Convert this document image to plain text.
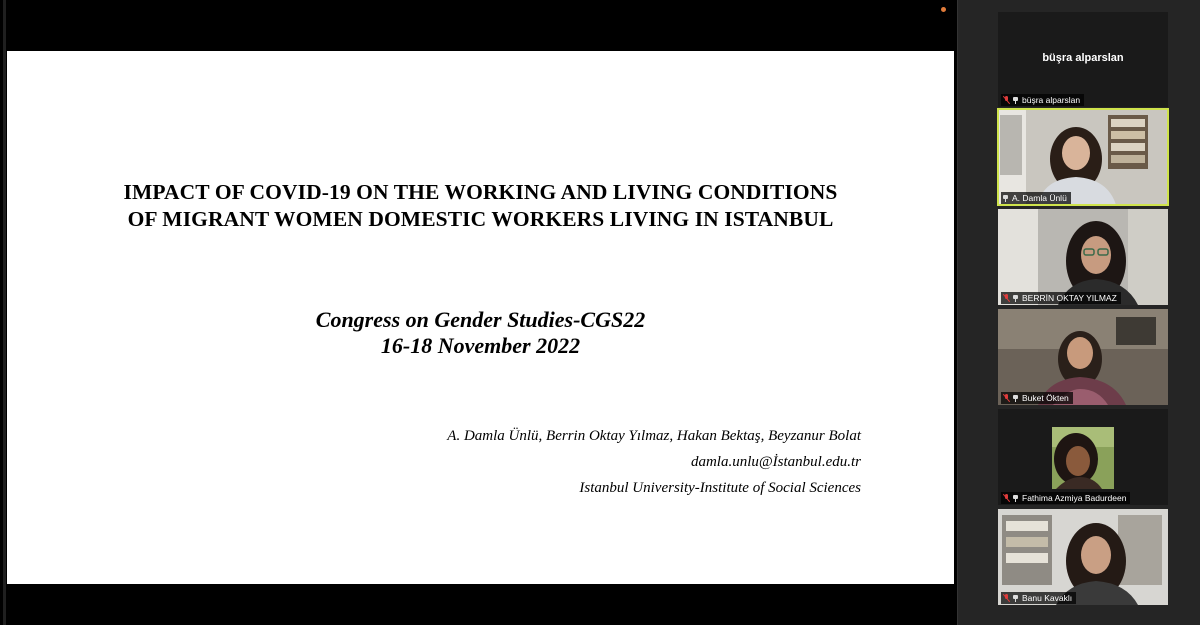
IMPACT OF COVID-19 ON THE WORKING AND LIVING CONDITIONS
OF MIGRANT WOMEN DOMESTIC WORKERS LIVING IN ISTANBUL
Congress on Gender Studies-CGS22
16-18 November 2022
A. Damla Ünlü, Berrin Oktay Yılmaz, Hakan Bektaş, Beyzanur Bolat
damla.unlu@İstanbul.edu.tr
Istanbul University-Institute of Social Sciences
büşra alparslan
büşra alparslan
A. Damla Ünlü
BERRİN OKTAY YILMAZ
Buket Ökten
Fathima Azmiya Badurdeen
Banu Kavaklı
